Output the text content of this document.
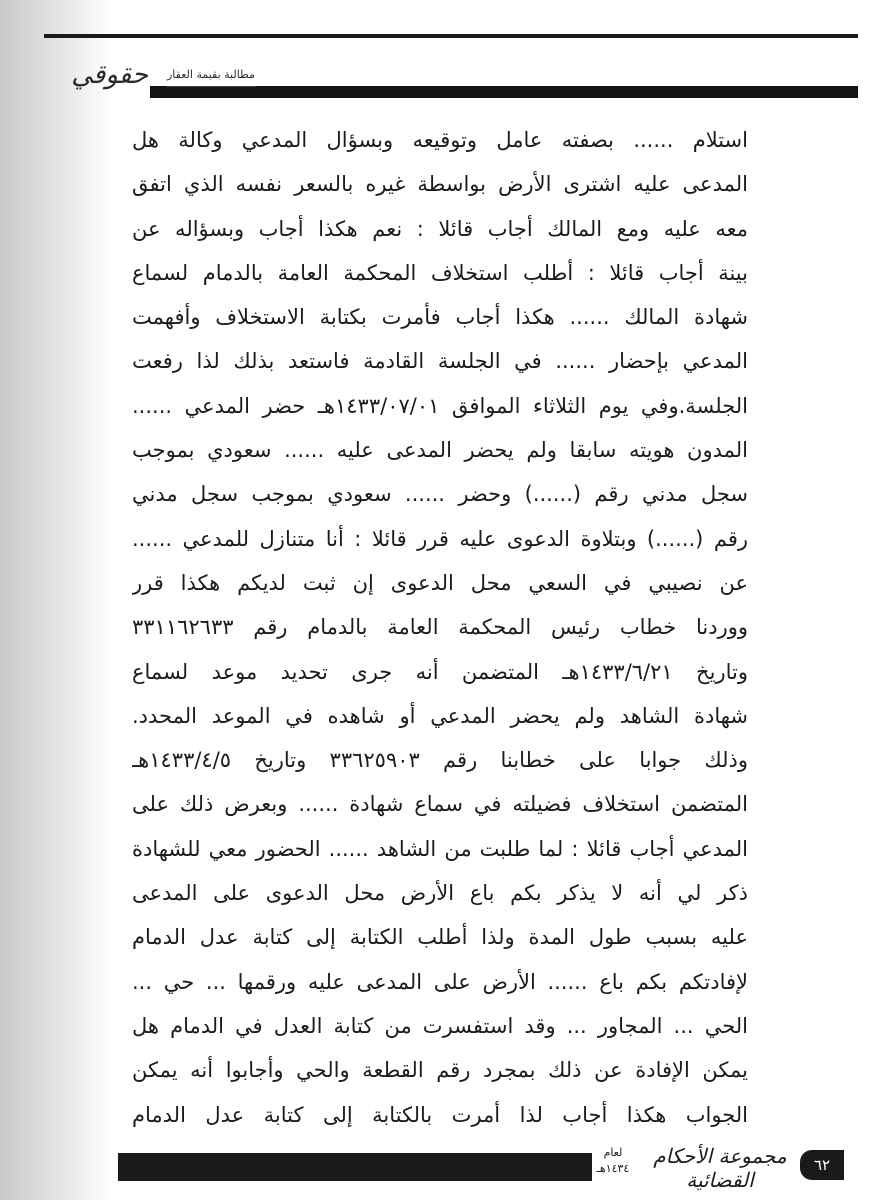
حقوقي مطالبة بقيمة العقار
استلام ...... بصفته عامل وتوقيعه وبسؤال المدعي وكالة هل
المدعى عليه اشترى الأرض بواسطة غيره بالسعر نفسه الذي اتفق
معه عليه ومع المالك أجاب قائلا : نعم هكذا أجاب وبسؤاله عن
بينة أجاب قائلا : أطلب استخلاف المحكمة العامة بالدمام لسماع
شهادة المالك ...... هكذا أجاب فأمرت بكتابة الاستخلاف وأفهمت
المدعي بإحضار ...... في الجلسة القادمة فاستعد بذلك لذا رفعت
الجلسة.وفي يوم الثلاثاء الموافق ١٤٣٣/٠٧/٠١هـ حضر المدعي ......
المدون هويته سابقا ولم يحضر المدعى عليه ...... سعودي بموجب
سجل مدني رقم (......) وحضر ...... سعودي بموجب سجل مدني
رقم (......) وبتلاوة الدعوى عليه قرر قائلا : أنا متنازل للمدعي ......
عن نصيبي في السعي محل الدعوى إن ثبت لديكم هكذا قرر
ووردنا خطاب رئيس المحكمة العامة بالدمام رقم ٣٣١١٦٢٦٣٣
وتاريخ ١٤٣٣/٦/٢١هـ المتضمن أنه جرى تحديد موعد لسماع
شهادة الشاهد ولم يحضر المدعي أو شاهده في الموعد المحدد.
وذلك جوابا على خطابنا رقم ٣٣٦٢٥٩٠٣ وتاريخ ١٤٣٣/٤/٥هـ
المتضمن استخلاف فضيلته في سماع شهادة ...... وبعرض ذلك على
المدعي أجاب قائلا : لما طلبت من الشاهد ...... الحضور معي للشهادة
ذكر لي أنه لا يذكر بكم باع الأرض محل الدعوى على المدعى
عليه بسبب طول المدة ولذا أطلب الكتابة إلى كتابة عدل الدمام
لإفادتكم بكم باع ...... الأرض على المدعى عليه ورقمها ... حي ...
الحي ... المجاور ... وقد استفسرت من كتابة العدل في الدمام هل
يمكن الإفادة عن ذلك بمجرد رقم القطعة والحي وأجابوا أنه يمكن
الجواب هكذا أجاب لذا أمرت بالكتابة إلى كتابة عدل الدمام
لعام
١٤٣٤هـ
مجموعة الأحكام القضائية
٦٢
